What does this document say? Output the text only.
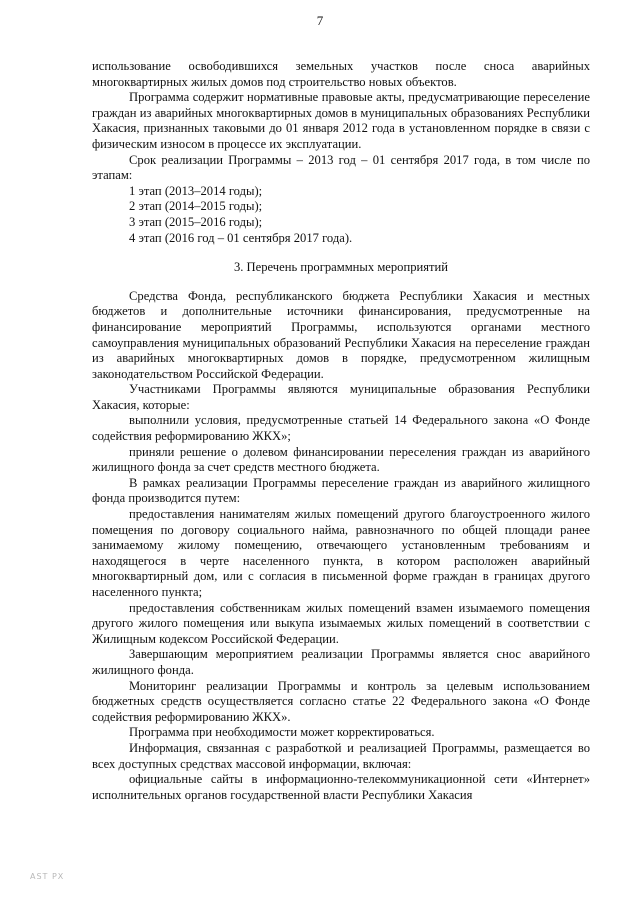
7

использование освободившихся земельных участков после сноса аварийных многоквартирных жилых домов под строительство новых объектов.

Программа содержит нормативные правовые акты, предусматривающие переселение граждан из аварийных многоквартирных домов в муниципальных образованиях Республики Хакасия, признанных таковыми до 01 января 2012 года в установленном порядке в связи с физическим износом в процессе их эксплуатации.

Срок реализации Программы – 2013 год – 01 сентября 2017 года, в том числе по этапам:

1 этап (2013–2014 годы);

2 этап (2014–2015 годы);

3 этап (2015–2016 годы);

4 этап (2016 год – 01 сентября 2017 года).

3. Перечень программных мероприятий

Средства Фонда, республиканского бюджета Республики Хакасия и местных бюджетов и дополнительные источники финансирования, предусмотренные на финансирование мероприятий Программы, используются органами местного самоуправления муниципальных образований Республики Хакасия на переселение граждан из аварийных многоквартирных домов в порядке, предусмотренном жилищным законодательством Российской Федерации.

Участниками Программы являются муниципальные образования Республики Хакасия, которые:

выполнили условия, предусмотренные статьей 14 Федерального закона «О Фонде содействия реформированию ЖКХ»;

приняли решение о долевом финансировании переселения граждан из аварийного жилищного фонда за счет средств местного бюджета.

В рамках реализации Программы переселение граждан из аварийного жилищного фонда производится путем:

предоставления нанимателям жилых помещений другого благоустроенного жилого помещения по договору социального найма, равнозначного по общей площади ранее занимаемому жилому помещению, отвечающего установленным требованиям и находящегося в черте населенного пункта, в котором расположен аварийный многоквартирный дом, или с согласия в письменной форме граждан в границах другого населенного пункта;

предоставления собственникам жилых помещений взамен изымаемого помещения другого жилого помещения или выкупа изымаемых жилых помещений в соответствии с Жилищным кодексом Российской Федерации.

Завершающим мероприятием реализации Программы является снос аварийного жилищного фонда.

Мониторинг реализации Программы и контроль за целевым использованием бюджетных средств осуществляется согласно статье 22 Федерального закона «О Фонде содействия реформированию ЖКХ».

Программа при необходимости может корректироваться.

Информация, связанная с разработкой и реализацией Программы, размещается во всех доступных средствах массовой информации, включая:

официальные сайты в информационно-телекоммуникационной сети «Интернет» исполнительных органов государственной власти Республики Хакасия

AST PX
